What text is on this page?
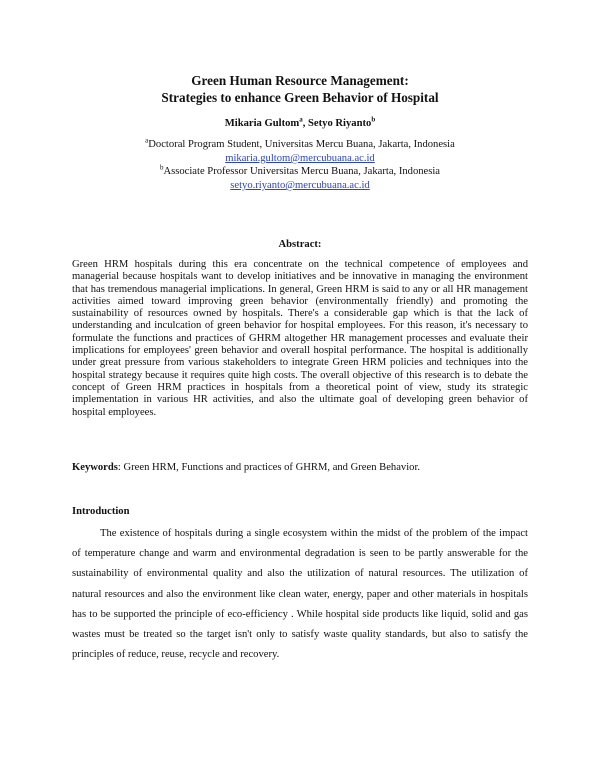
Green Human Resource Management:
Strategies to enhance Green Behavior of Hospital
Mikaria Gultom$^a$, Setyo Riyanto$^b$
$^a$Doctoral Program Student, Universitas Mercu Buana, Jakarta, Indonesia
mikaria.gultom@mercubuana.ac.id
$^b$Associate Professor Universitas Mercu Buana, Jakarta, Indonesia
setyo.riyanto@mercubuana.ac.id
Abstract:

Green HRM hospitals during this era concentrate on the technical competence of employees and managerial because hospitals want to develop initiatives and be innovative in managing the environment that has tremendous managerial implications. In general, Green HRM is said to any or all HR management activities aimed toward improving green behavior (environmentally friendly) and promoting the sustainability of resources owned by hospitals. There's a considerable gap which is that the lack of understanding and inculcation of green behavior for hospital employees. For this reason, it's necessary to formulate the functions and practices of GHRM altogether HR management processes and evaluate their implications for employees' green behavior and overall hospital performance. The hospital is additionally under great pressure from various stakeholders to integrate Green HRM policies and techniques into the hospital strategy because it requires quite high costs. The overall objective of this research is to debate the concept of Green HRM practices in hospitals from a theoretical point of view, study its strategic implementation in various HR activities, and also the ultimate goal of developing green behavior of hospital employees.

Keywords: Green HRM, Functions and practices of GHRM, and Green Behavior.

Introduction

The existence of hospitals during a single ecosystem within the midst of the problem of the impact of temperature change and warm and environmental degradation is seen to be partly answerable for the sustainability of environmental quality and also the utilization of natural resources. The utilization of natural resources and also the environment like clean water, energy, paper and other materials in hospitals has to be supported the principle of eco-efficiency . While hospital side products like liquid, solid and gas wastes must be treated so the target isn't only to satisfy waste quality standards, but also to satisfy the principles of reduce, reuse, recycle and recovery.
